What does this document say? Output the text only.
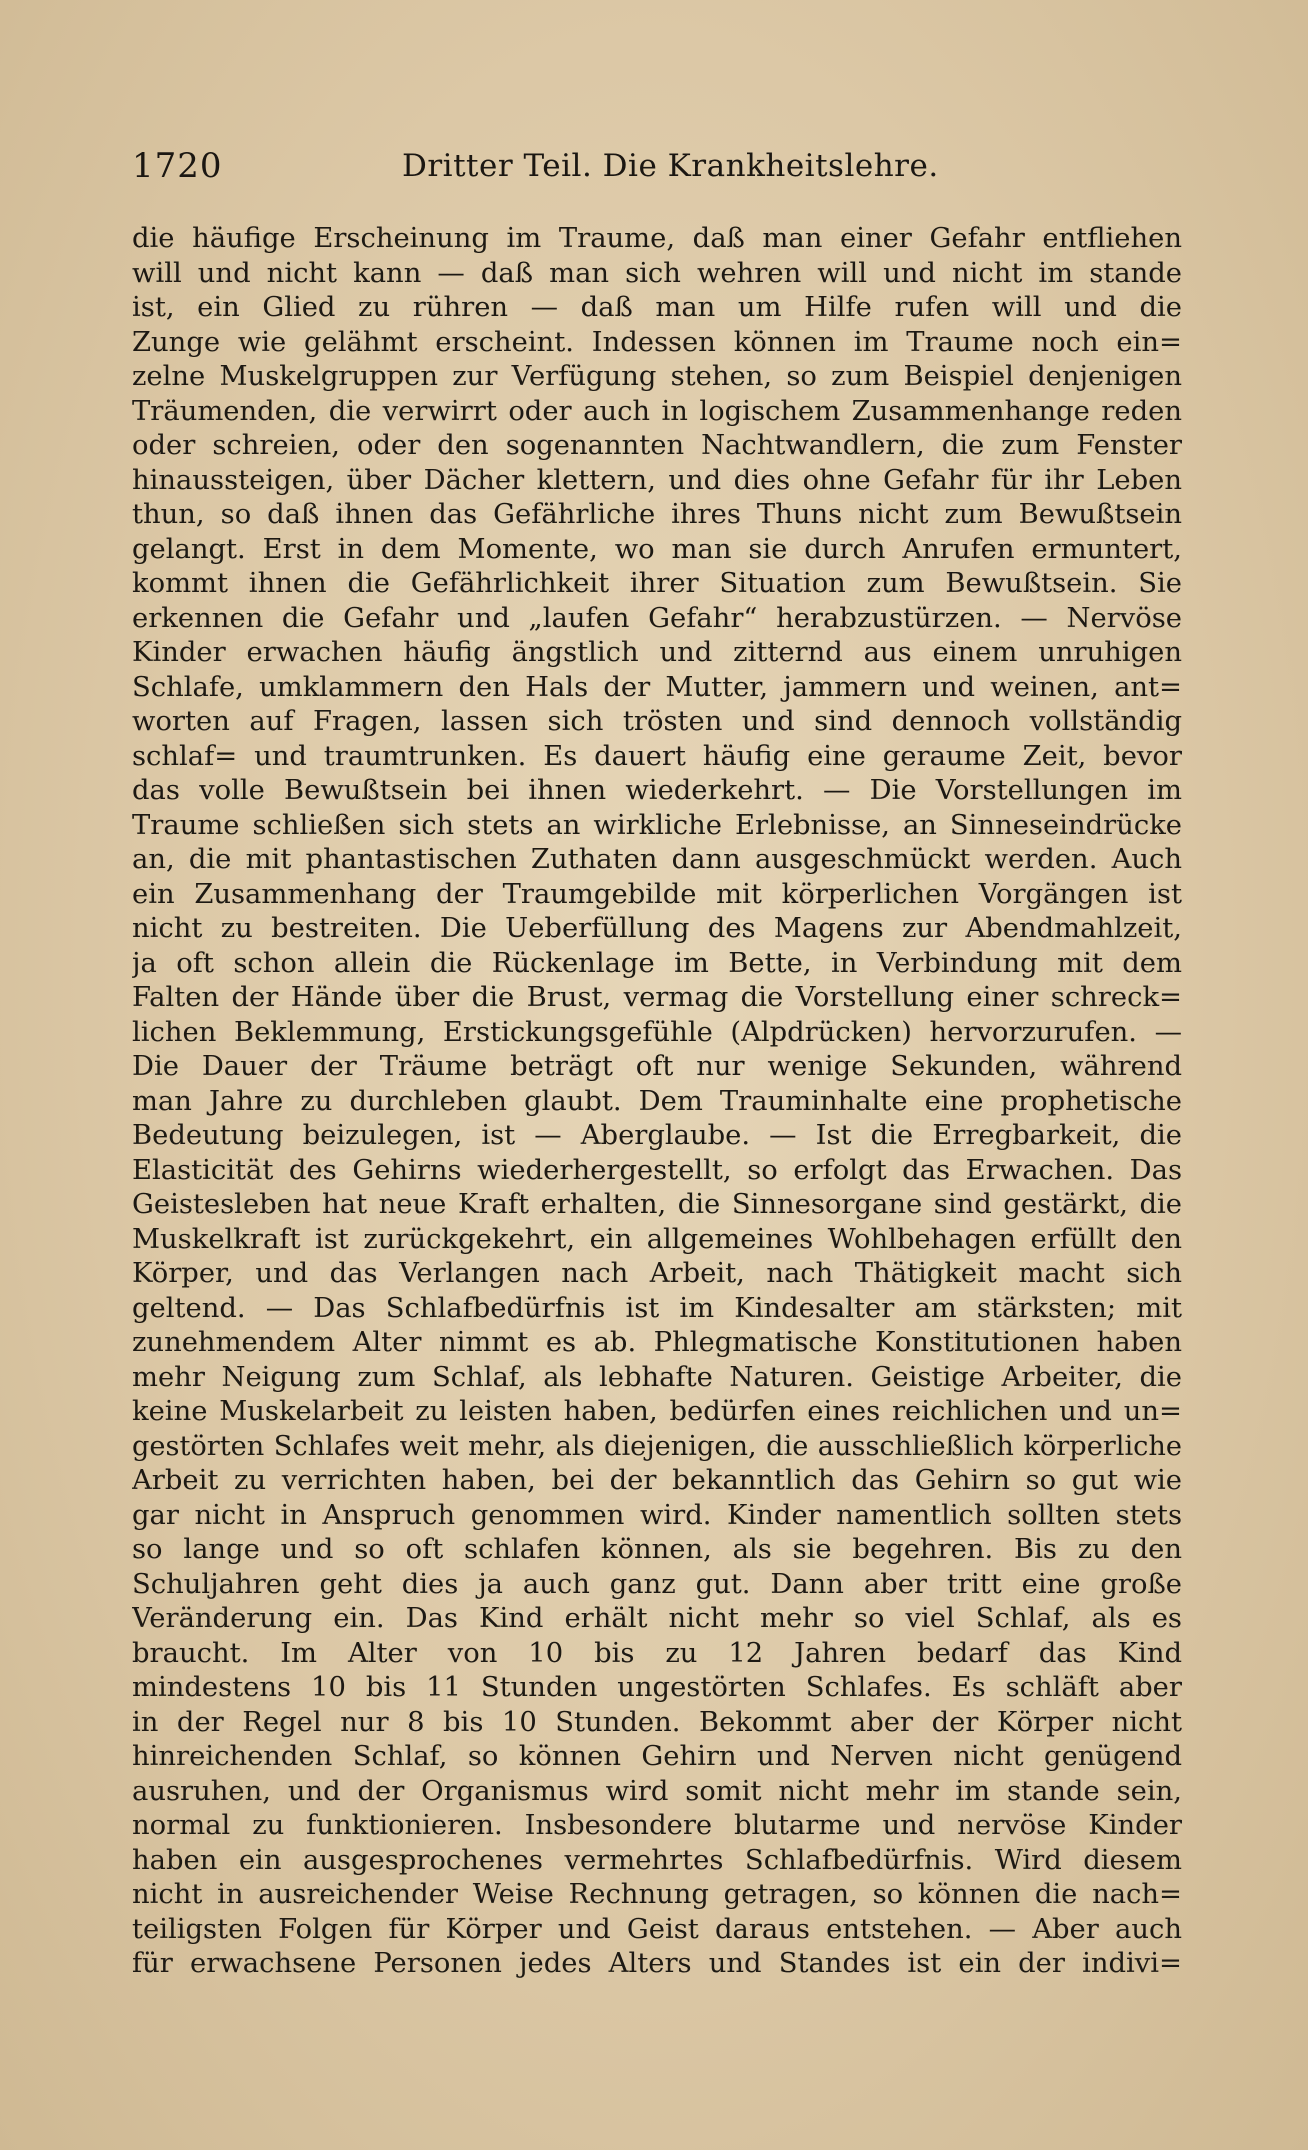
1720	Dritter Teil. Die Krankheitslehre.
die häufige Erscheinung im Traume, daß man einer Gefahr entfliehen
will und nicht kann — daß man sich wehren will und nicht im stande
ist, ein Glied zu rühren — daß man um Hilfe rufen will und die
Zunge wie gelähmt erscheint. Indessen können im Traume noch ein=
zelne Muskelgruppen zur Verfügung stehen, so zum Beispiel denjenigen
Träumenden, die verwirrt oder auch in logischem Zusammenhange reden
oder schreien, oder den sogenannten Nachtwandlern, die zum Fenster
hinaussteigen, über Dächer klettern, und dies ohne Gefahr für ihr Leben
thun, so daß ihnen das Gefährliche ihres Thuns nicht zum Bewußtsein
gelangt. Erst in dem Momente, wo man sie durch Anrufen ermuntert,
kommt ihnen die Gefährlichkeit ihrer Situation zum Bewußtsein. Sie
erkennen die Gefahr und „laufen Gefahr“ herabzustürzen. — Nervöse
Kinder erwachen häufig ängstlich und zitternd aus einem unruhigen
Schlafe, umklammern den Hals der Mutter, jammern und weinen, ant=
worten auf Fragen, lassen sich trösten und sind dennoch vollständig
schlaf= und traumtrunken. Es dauert häufig eine geraume Zeit, bevor
das volle Bewußtsein bei ihnen wiederkehrt. — Die Vorstellungen im
Traume schließen sich stets an wirkliche Erlebnisse, an Sinneseindrücke
an, die mit phantastischen Zuthaten dann ausgeschmückt werden. Auch
ein Zusammenhang der Traumgebilde mit körperlichen Vorgängen ist
nicht zu bestreiten. Die Ueberfüllung des Magens zur Abendmahlzeit,
ja oft schon allein die Rückenlage im Bette, in Verbindung mit dem
Falten der Hände über die Brust, vermag die Vorstellung einer schreck=
lichen Beklemmung, Erstickungsgefühle (Alpdrücken) hervorzurufen. —
Die Dauer der Träume beträgt oft nur wenige Sekunden, während
man Jahre zu durchleben glaubt. Dem Trauminhalte eine prophetische
Bedeutung beizulegen, ist — Aberglaube. — Ist die Erregbarkeit, die
Elasticität des Gehirns wiederhergestellt, so erfolgt das Erwachen. Das
Geistesleben hat neue Kraft erhalten, die Sinnesorgane sind gestärkt, die
Muskelkraft ist zurückgekehrt, ein allgemeines Wohlbehagen erfüllt den
Körper, und das Verlangen nach Arbeit, nach Thätigkeit macht sich
geltend. — Das Schlafbedürfnis ist im Kindesalter am stärksten; mit
zunehmendem Alter nimmt es ab. Phlegmatische Konstitutionen haben
mehr Neigung zum Schlaf, als lebhafte Naturen. Geistige Arbeiter, die
keine Muskelarbeit zu leisten haben, bedürfen eines reichlichen und un=
gestörten Schlafes weit mehr, als diejenigen, die ausschließlich körperliche
Arbeit zu verrichten haben, bei der bekanntlich das Gehirn so gut wie
gar nicht in Anspruch genommen wird. Kinder namentlich sollten stets
so lange und so oft schlafen können, als sie begehren. Bis zu den
Schuljahren geht dies ja auch ganz gut. Dann aber tritt eine große
Veränderung ein. Das Kind erhält nicht mehr so viel Schlaf, als es
braucht. Im Alter von 10 bis zu 12 Jahren bedarf das Kind
mindestens 10 bis 11 Stunden ungestörten Schlafes. Es schläft aber
in der Regel nur 8 bis 10 Stunden. Bekommt aber der Körper nicht
hinreichenden Schlaf, so können Gehirn und Nerven nicht genügend
ausruhen, und der Organismus wird somit nicht mehr im stande sein,
normal zu funktionieren. Insbesondere blutarme und nervöse Kinder
haben ein ausgesprochenes vermehrtes Schlafbedürfnis. Wird diesem
nicht in ausreichender Weise Rechnung getragen, so können die nach=
teiligsten Folgen für Körper und Geist daraus entstehen. — Aber auch
für erwachsene Personen jedes Alters und Standes ist ein der indivi=
